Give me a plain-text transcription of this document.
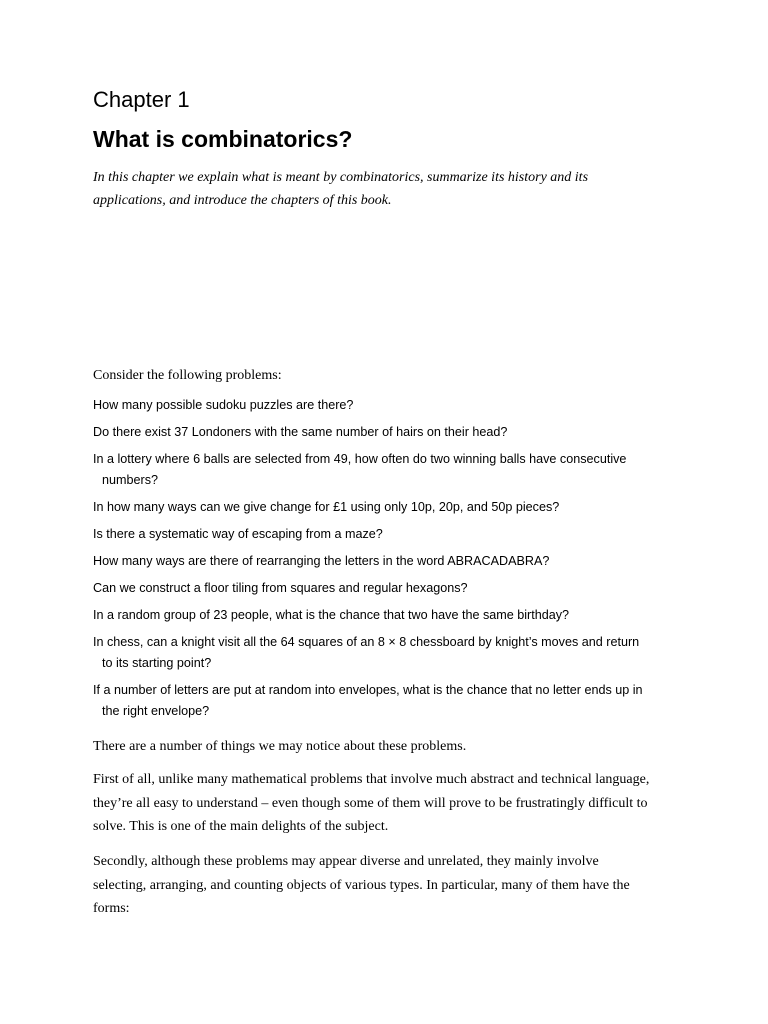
Chapter 1
What is combinatorics?

In this chapter we explain what is meant by combinatorics, summarize its history and its applications, and introduce the chapters of this book.

Consider the following problems:
How many possible sudoku puzzles are there?
Do there exist 37 Londoners with the same number of hairs on their head?
In a lottery where 6 balls are selected from 49, how often do two winning balls have consecutive numbers?
In how many ways can we give change for £1 using only 10p, 20p, and 50p pieces?
Is there a systematic way of escaping from a maze?
How many ways are there of rearranging the letters in the word ABRACADABRA?
Can we construct a floor tiling from squares and regular hexagons?
In a random group of 23 people, what is the chance that two have the same birthday?
In chess, can a knight visit all the 64 squares of an 8 × 8 chessboard by knight’s moves and return to its starting point?
If a number of letters are put at random into envelopes, what is the chance that no letter ends up in the right envelope?

There are a number of things we may notice about these problems.

First of all, unlike many mathematical problems that involve much abstract and technical language, they’re all easy to understand – even though some of them will prove to be frustratingly difficult to solve. This is one of the main delights of the subject.

Secondly, although these problems may appear diverse and unrelated, they mainly involve selecting, arranging, and counting objects of various types. In particular, many of them have the forms:
